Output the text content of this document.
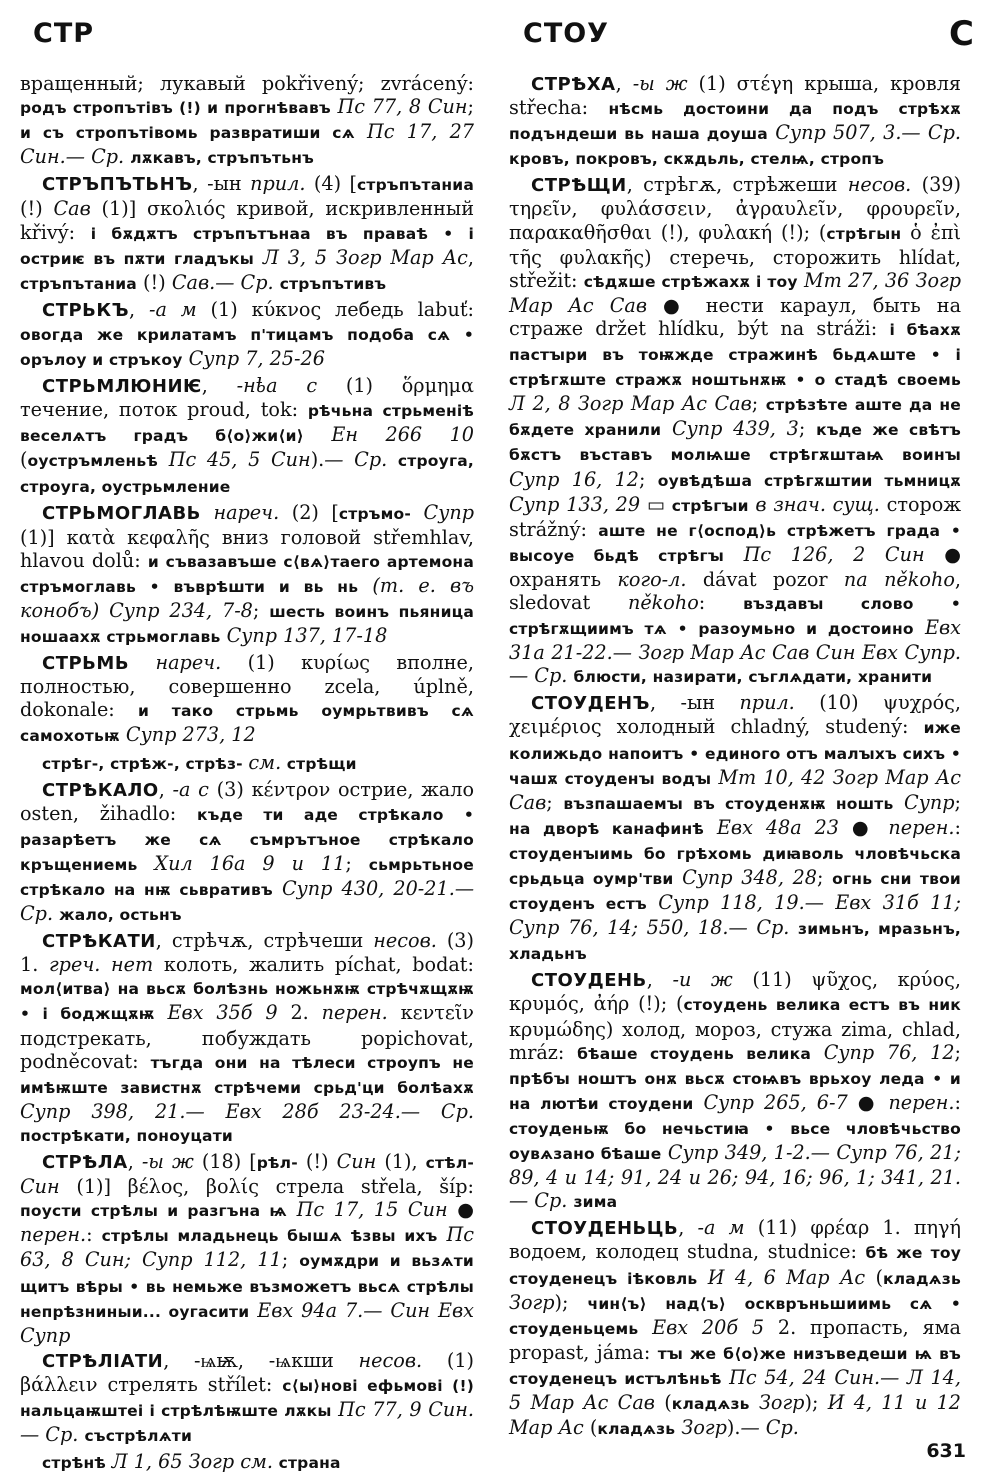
СТР	СТОУ	С

вращенный; лукавый pokřivený; zvrácený: родъ стропътівъ (!) и прогнѣвавъ Пс 77, 8 Син; и съ стропътівомь развратиши сѧ Пс 17, 27 Син.— Ср. лѫкавъ, стръпътьнъ

СТРЪПЪТЬНЪ, -ын прил. (4) [стръпътаниа (!) Сав (1)] σκολιός кривой, искривленный křivý: і бѫдѫтъ стръпътънаа въ праваѣ • і остриѥ въ пѫти гладъкы Л 3, 5 Зогр Мар Ас, стръпътаниа (!) Сав.— Ср. стръпътивъ

СТРЬКЪ, -а м (1) κύκνος лебедь labuť: овогда же крилатамъ п'тицамъ подоба сѧ • орълоу и стръкоу Супр 7, 25-26

СТРЬМЛЮНИѤ, -нҍа с (1) ὅρμημα течение, поток proud, tok: рѣчьна стрьменіѣ веселѧтъ градъ б⟨о⟩жи⟨и⟩ Ен 266 10 (оустръмленьѣ Пс 45, 5 Син).— Ср. строуга, строуга, оустрьмление

СТРЬМОГЛАВЬ нареч. (2) [стръмо- Супр (1)] κατὰ κεφαλῆς вниз головой střemhlav, hlavou dolů: и съвазавъше с⟨вѧ⟩таего артемона стръмоглавь • въврѣшти и вь нь (т. е. въ конобъ) Супр 234, 7-8; шесть воинъ пьяница ношаахѫ стрьмоглавь Супр 137, 17-18

СТРЬМЬ нареч. (1) κυρίως вполне, полностью, совершенно zcela, úplně, dokonale: и тако стрьмь оумрьтвивъ сѧ самохотьѭ Супр 273, 12

стрѣг-, стрѣж-, стрѣз- см. стрѣщи

СТРѢКАЛО, -а с (3) κέντρον острие, жало osten, žihadlo: къде ти аде стрѣкало • разарѣетъ же сѧ съмрътъное стрѣкало кръщениемь Хил 16а 9 и 11; сьмрьтьное стрѣкало на нѭ сьвративъ Супр 430, 20-21.— Ср. жало, остьнъ

СТРѢКАТИ, стрѣчѫ, стрѣчеши несов. (3) 1. греч. нет колоть, жалить píchat, bodat: мол⟨итва⟩ на вьсѫ болѣзнь ножьнѫѭ стрѣчѫщѫѭ • і боджщѫѭ Евх 35б 9 2. перен. κεντεῖν подстрекать, побуждать popichovat, podněcovat: тъгда они на тѣлеси строупъ не имѣѭште завистнѫ стрѣчеми срьд'ци болѣахѫ Супр 398, 21.— Евх 28б 23-24.— Ср. пострѣкати, поноуцати

СТРѢЛА, -ы ж (18) [рѣл- (!) Син (1), стѣл- Син (1)] βέλος, βολίς стрела střela, šíp: поусти стрѣлы и разгъна ѩ Пс 17, 15 Син ● перен.: стрѣлы младьнець бышѧ ѣзвы ихъ Пс 63, 8 Син; Супр 112, 11; оумѫдри и вьзѧти щитъ вѣры • вь немьже възможетъ вьсѧ стрѣлы непрѣзниныи... оугасити Евх 94а 7.— Син Евх Супр

СТРѢЛІАТИ, -ѩѭ, -ѩкши несов. (1) βάλλειν стрелять střílet: с⟨ы⟩нові ефьмові (!) нальцаѭштеі і стрѣлѣѭште лѫкы Пс 77, 9 Син.— Ср. състрѣлѧти

стрѣнѣ Л 1, 65 Зогр см. страна

СТРѢХА, -ы ж (1) στέγη крыша, кровля střecha: нѣсмь достоини да подъ стрѣхѫ подъндеши вь наша доуша Супр 507, 3.— Ср. кровъ, покровъ, скѫдьль, стелѩ, стропъ

СТРѢЩИ, стрѣгѫ, стрѣжеши несов. (39) τηρεῖν, φυλάσσειν, ἀγραυλεῖν, φρουρεῖν, παρακαθῆσθαι (!), φυλακή (!); (стрѣгын ὁ ἐπὶ τῆς φυλακῆς) стеречь, сторожить hlídat, střežit: сѣдѫше стрѣжахѫ і тоу Мт 27, 36 Зогр Мар Ас Сав ● нести караул, быть на страже držet hlídku, být na stráži: і бѣахѫ пастꙑри въ тоѭжде стражинѣ бьдѧште • і стрѣгѫште стражѫ ноштьнѫѭ • о стадѣ своемь Л 2, 8 Зогр Мар Ас Сав; стрѣзѣте аште да не бѫдете хранили Супр 439, 3; къде же свѣтъ бѫстъ въставъ молѩше стрѣгѫштаѩ воинꙑ Супр 16, 12; оувѣдѣша стрѣгѫштии тьмницѫ Супр 133, 29 ▭ стрѣгꙑи в знач. сущ. сторож strážný: аште не г⟨оспод⟩ь стрѣжетъ града • высоуе бьдѣ стрѣгꙑ Пс 126, 2 Син ● охранять кого-л. dávat pozor na někoho, sledovat někoho: въздавꙑ слово • стрѣгѫщиимъ тѧ • разоумьно и достоино Евх 31а 21-22.— Зогр Мар Ас Сав Син Евх Супр.— Ср. блюсти, назирати, съглѧдати, хранити

СТОУДЕНЪ, -ын прил. (10) ψυχρός, χειμέριος холодный chladný, studený: иже колижьдо напоитъ • единого отъ малꙑхъ сихъ • чашѫ стоуденꙑ водꙑ Мт 10, 42 Зогр Мар Ас Сав; възпашаемꙑ въ стоуденѫѭ ношть Супр; на дворѣ канафинѣ Евх 48а 23 ● перен.: стоуденꙑимь бо грѣхомь диꙗволь чловѣчьска срьдьца оумр'тви Супр 348, 28; огнь сни твои стоуденъ естъ Супр 118, 19.— Евх 31б 11; Супр 76, 14; 550, 18.— Ср. зимьнъ, мразьнъ, хладьнъ

СТОУДЕНЬ, -и ж (11) ψῦχος, κρύος, κρυμός, ἀήρ (!); (стоудень велика естъ въ ник κρυμώδης) холод, мороз, стужа zima, chlad, mráz: бѣаше стоудень велика Супр 76, 12; прѣбꙑ ноштъ онѫ вьсѫ стоѩвъ врьхоу леда • и на лютѣи стоудени Супр 265, 6-7 ● перен.: стоуденьѭ бо нечьстиꙗ • вьсе чловѣчьство оувѧзано бѣаше Супр 349, 1-2.— Супр 76, 21; 89, 4 и 14; 91, 24 и 26; 94, 16; 96, 1; 341, 21.— Ср. зима

СТОУДЕНЬЦЬ, -а м (11) φρέαρ 1. πηγή водоем, колодец studna, studnice: бѣ же тоу стоуденецъ іѣковль И 4, 6 Мар Ас (кладѧзь Зогр); чин⟨ъ⟩ над⟨ъ⟩ осквръньшиимь сѧ • стоуденьцемь Евх 20б 5 2. пропасть, яма propast, jáma: тꙑ же б⟨о⟩же низъведеши ѩ въ стоуденецъ истълѣньѣ Пс 54, 24 Син.— Л 14, 5 Мар Ас Сав (кладѧзь Зогр); И 4, 11 и 12 Мар Ас (кладѧзь Зогр).— Ср.

631
